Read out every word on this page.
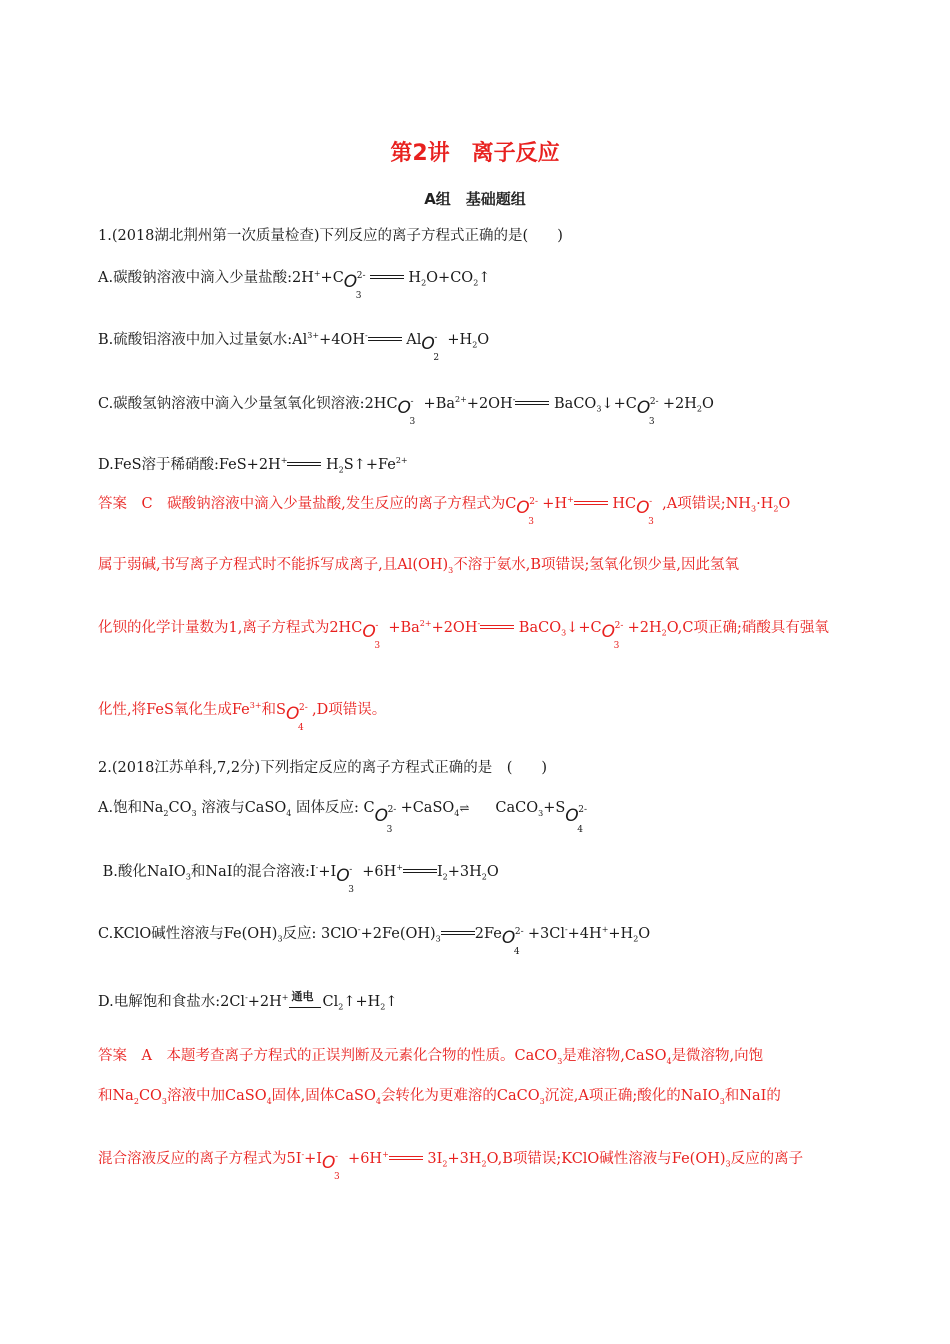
第2讲　离子反应
A组　基础题组
1.(2018湖北荆州第一次质量检查)下列反应的离子方程式正确的是(　　)
A.碳酸钠溶液中滴入少量盐酸:2H++C O
3
2-	$H_2O+CO_2↑$
B.硫酸铝溶液中加入过量氨水$:Al^{3+}+4OH^-$ Al O
2
- $+H_2O$
C.碳酸氢钠溶液中滴入少量氢氧化钡溶液:2HC O
3
- $+Ba^{2+}+2OH^-$ BaCO$_3$↓+C O
3
$2- +2H_2O$
D.FeS溶于稀硝酸:FeS+2H+ $H_2S↑+Fe^{2+}$
答案　C　碳酸钠溶液中滴入少量盐酸,发生反应的离子方程式为C O
3
2- +H+ HC O
3
- ,A项错误$;NH_3\cdot H_2O$
属于弱碱,书写离子方程式时不能拆写成离子,且$Al(OH)_3$不溶于氨水,B项错误;氢氧化钡少量,因此氢氧
化钡的化学计量数为1,离子方程式为2HC O
3
- $+Ba^{2+}+2OH^-$ BaCO$_3$↓+C O
3
$2- +2H_2O,C$项正确;硝酸具有强氧
化性,将FeS氧化生成$Fe^{3+}$和S O
4
2- ,D项错误。
2.(2018江苏单科,7,2分)下列指定反应的离子方程式正确的是　(　　)
A.饱和$Na_2CO_3$ 溶液与CaSO$_4$ 固体反应: C O
3
2- +CaSO$_4$⇌ CaCO$_3$+S O
4
2-
B.酸化NaIO$_3$和NaI的混合溶液:I-+I O
3
- +6H+ $I_2+3H_2O$
C.KClO碱性溶液与$Fe(OH)_3$反应: $3ClO^-+2Fe(OH)_3$ 2Fe O
4
$2- +3Cl^-+4H^++H_2O$
D.电解饱和食盐水:2Cl-+2H+ 通电 $Cl_2↑+H_2↑$
答案　A　本题考查离子方程式的正误判断及元素化合物的性质。CaCO$_3$是难溶物,CaSO$_4$是微溶物,向饱
和$Na_2CO_3$溶液中加CaSO$_4$固体,固体CaSO$_4$会转化为更难溶的CaCO$_3$沉淀,A项正确;酸化的NaIO$_3$和NaI的
混合溶液反应的离子方程式为5I-+I O
3
- +6H+ $3I_2+3H_2O,B$项错误;KClO碱性溶液与$Fe(OH)_3$反应的离子
